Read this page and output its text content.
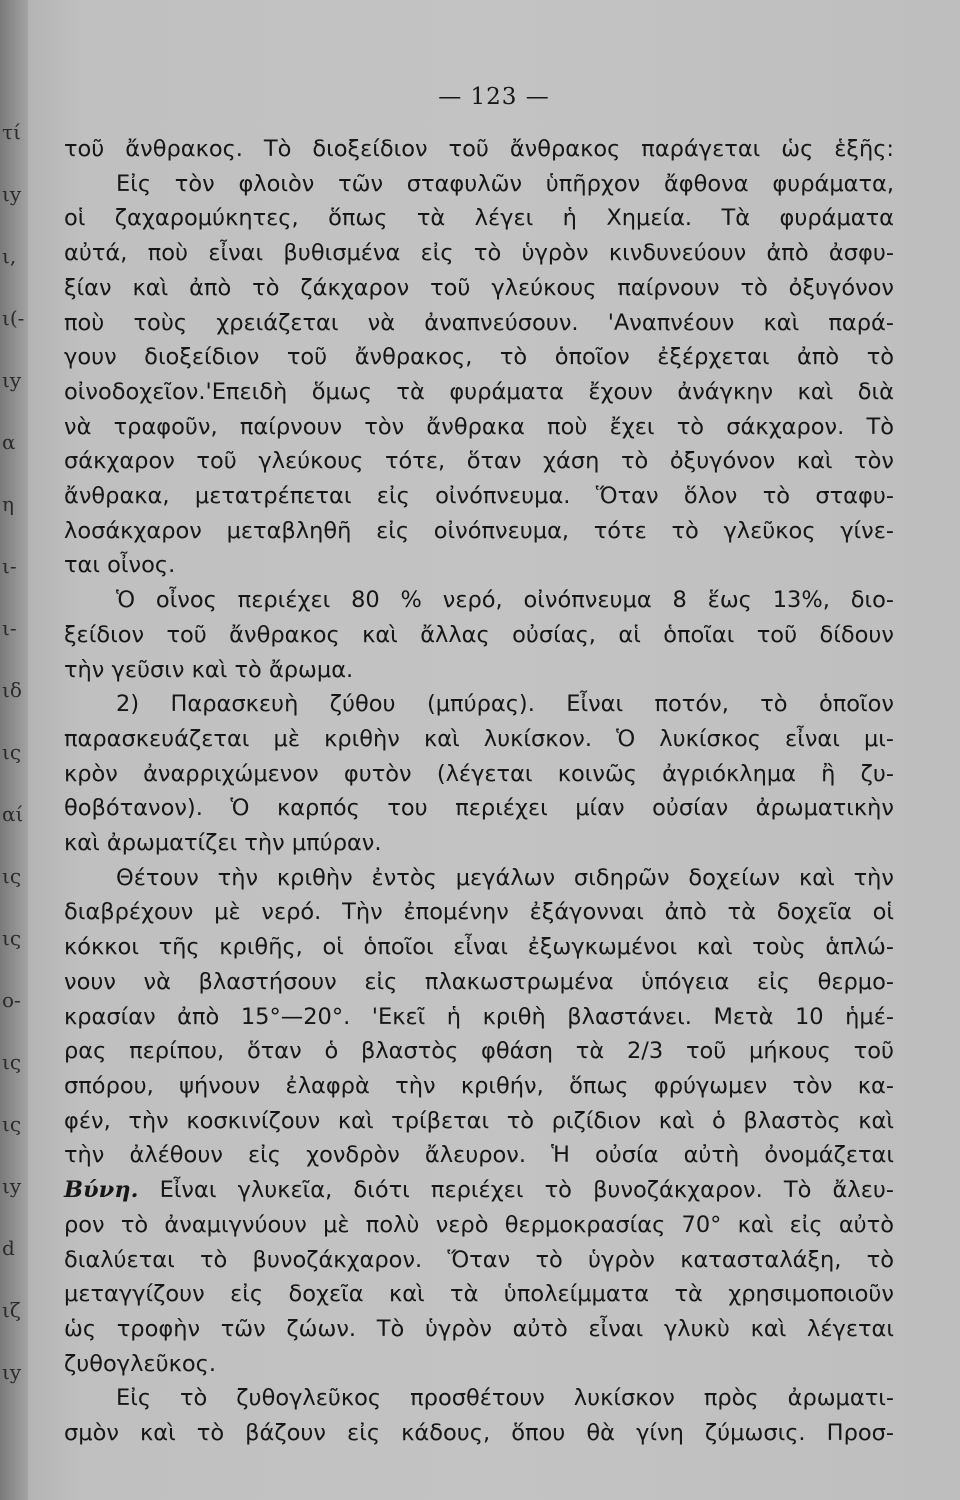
τί
ιy
ι,
ι(-
ιy
α
η
ι-
ι-
ιδ
ις
αί
ις
ις
ο-
ις
ις
ιy
d
ιζ
ιy
— 123 —
τοῦ ἄνθρακος. Τὸ διοξείδιον τοῦ ἄνθρακος παράγεται ὡς ἑξῆς:
Εἰς τὸν φλοιὸν τῶν σταφυλῶν ὑπῆρχον ἄφθονα φυράματα,
οἱ ζαχαρομύκητες, ὅπως τὰ λέγει ἡ Χημεία. Τὰ φυράματα
αὐτά, ποὺ εἶναι βυθισμένα εἰς τὸ ὑγρὸν κινδυνεύουν ἀπὸ ἀσφυ-
ξίαν καὶ ἀπὸ τὸ ζάκχαρον τοῦ γλεύκους παίρνουν τὸ ὀξυγόνον
ποὺ τοὺς χρειάζεται νὰ ἀναπνεύσουν. 'Αναπνέουν καὶ παρά-
γουν διοξείδιον τοῦ ἄνθρακος, τὸ ὁποῖον ἐξέρχεται ἀπὸ τὸ
οἰνοδοχεῖον.'Επειδὴ ὅμως τὰ φυράματα ἔχουν ἀνάγκην καὶ διὰ
νὰ τραφοῦν, παίρνουν τὸν ἄνθρακα ποὺ ἔχει τὸ σάκχαρον. Τὸ
σάκχαρον τοῦ γλεύκους τότε, ὅταν χάση τὸ ὀξυγόνον καὶ τὸν
ἄνθρακα, μετατρέπεται εἰς οἰνόπνευμα. Ὅταν ὅλον τὸ σταφυ-
λοσάκχαρον μεταβληθῆ εἰς οἰνόπνευμα, τότε τὸ γλεῦκος γίνε-
ται οἶνος.
Ὁ οἶνος περιέχει 80 % νερό, οἰνόπνευμα 8 ἕως 13%, διο-
ξείδιον τοῦ ἄνθρακος καὶ ἄλλας οὐσίας, αἱ ὁποῖαι τοῦ δίδουν
τὴν γεῦσιν καὶ τὸ ἄρωμα.
2) Παρασκευὴ ζύθου (μπύρας). Εἶναι ποτόν, τὸ ὁποῖον
παρασκευάζεται μὲ κριθὴν καὶ λυκίσκον. Ὁ λυκίσκος εἶναι μι-
κρὸν ἀναρριχώμενον φυτὸν (λέγεται κοινῶς ἀγριόκλημα ἢ ζυ-
θοβότανον). Ὁ καρπός του περιέχει μίαν οὐσίαν ἀρωματικὴν
καὶ ἀρωματίζει τὴν μπύραν.
Θέτουν τὴν κριθὴν ἐντὸς μεγάλων σιδηρῶν δοχείων καὶ τὴν
διαβρέχουν μὲ νερό. Τὴν ἐπομένην ἐξάγονναι ἀπὸ τὰ δοχεῖα οἱ
κόκκοι τῆς κριθῆς, οἱ ὁποῖοι εἶναι ἐξωγκωμένοι καὶ τοὺς ἁπλώ-
νουν νὰ βλαστήσουν εἰς πλακωστρωμένα ὑπόγεια εἰς θερμο-
κρασίαν ἀπὸ 15°—20°. 'Εκεῖ ἡ κριθὴ βλαστάνει. Μετὰ 10 ἡμέ-
ρας περίπου, ὅταν ὁ βλαστὸς φθάση τὰ 2/3 τοῦ μήκους τοῦ
σπόρου, ψήνουν ἐλαφρὰ τὴν κριθήν, ὅπως φρύγωμεν τὸν κα-
φέν, τὴν κοσκινίζουν καὶ τρίβεται τὸ ριζίδιον καὶ ὁ βλαστὸς καὶ
τὴν ἀλέθουν εἰς χονδρὸν ἄλευρον. Ἡ οὐσία αὐτὴ ὀνομάζεται
Βύνη. Εἶναι γλυκεῖα, διότι περιέχει τὸ βυνοζάκχαρον. Τὸ ἄλευ-
ρον τὸ ἀναμιγνύουν μὲ πολὺ νερὸ θερμοκρασίας 70° καὶ εἰς αὐτὸ
διαλύεται τὸ βυνοζάκχαρον. Ὅταν τὸ ὑγρὸν κατασταλάξη, τὸ
μεταγγίζουν εἰς δοχεῖα καὶ τὰ ὑπολείμματα τὰ χρησιμοποιοῦν
ὡς τροφὴν τῶν ζώων. Τὸ ὑγρὸν αὐτὸ εἶναι γλυκὺ καὶ λέγεται
ζυθογλεῦκος.
Εἰς τὸ ζυθογλεῦκος προσθέτουν λυκίσκον πρὸς ἀρωματι-
σμὸν καὶ τὸ βάζουν εἰς κάδους, ὅπου θὰ γίνη ζύμωσις. Προσ-
